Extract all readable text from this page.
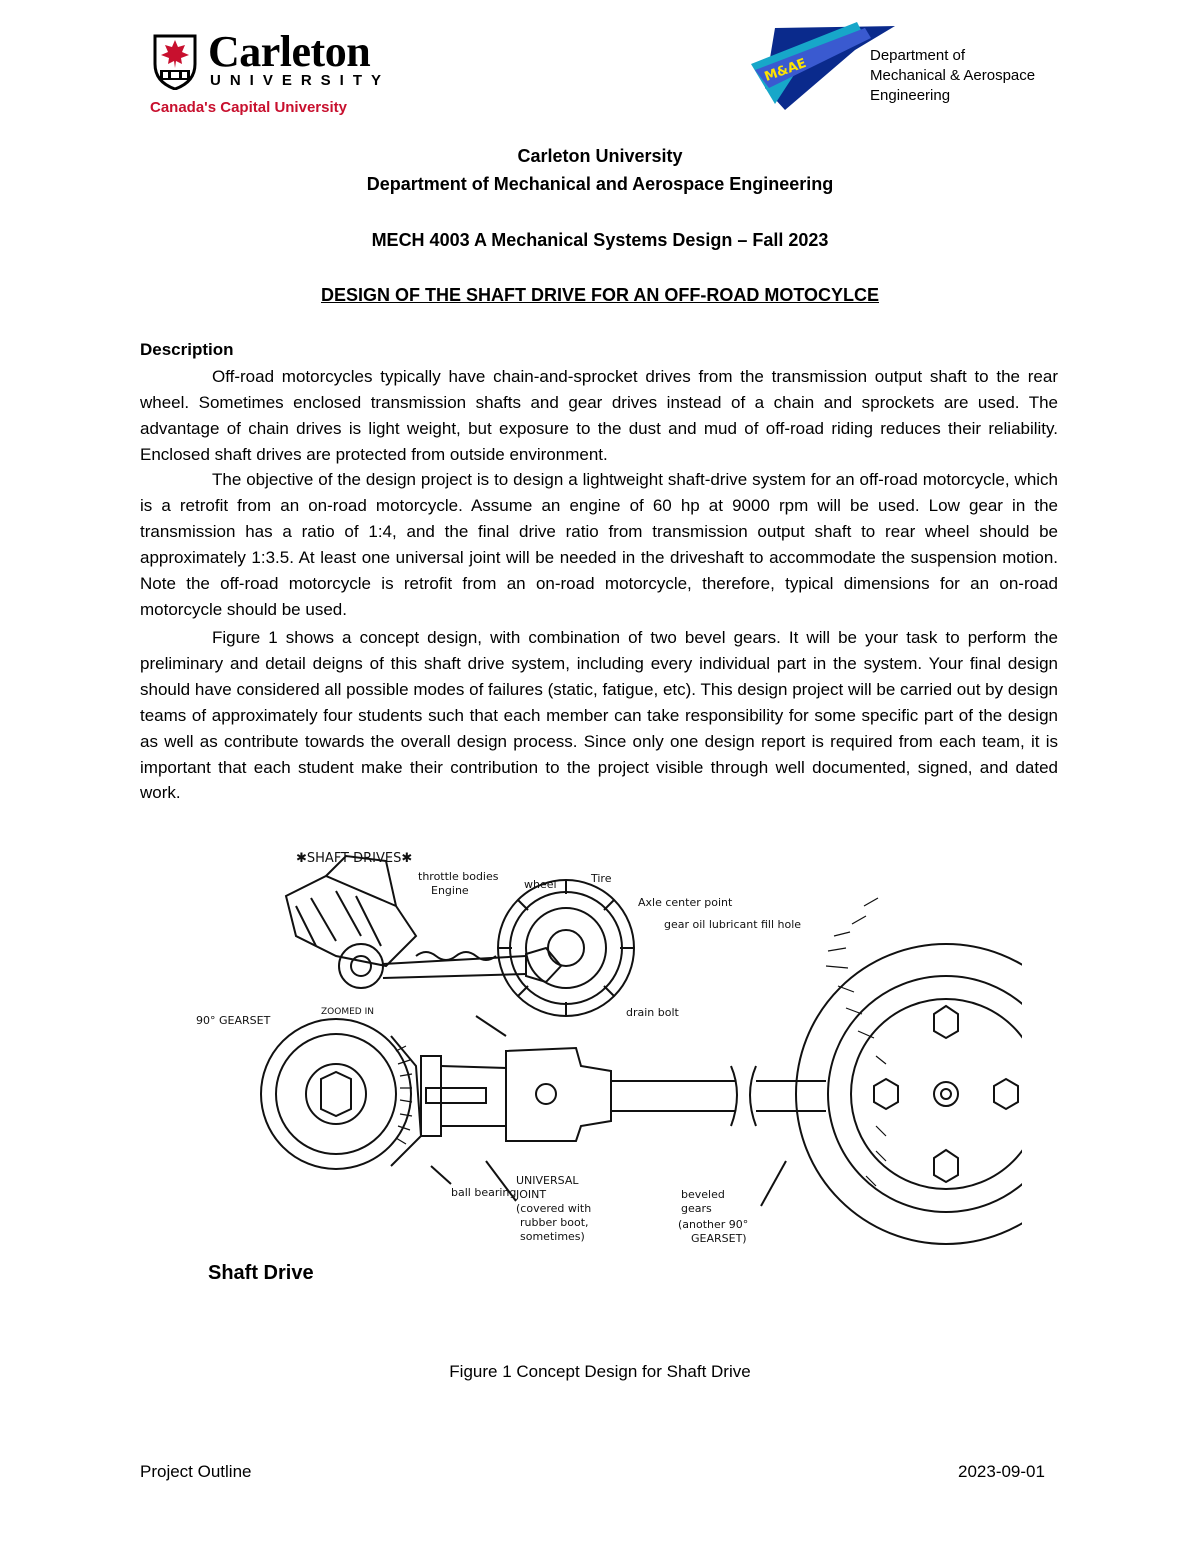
Carleton
UNIVERSITY
Canada's Capital University
M&AE
Department of
Mechanical & Aerospace
Engineering
Carleton University
Department of Mechanical and Aerospace Engineering
MECH 4003 A Mechanical Systems Design – Fall 2023
DESIGN OF THE SHAFT DRIVE FOR AN OFF-ROAD MOTOCYLCE
Description
Off-road motorcycles typically have chain-and-sprocket drives from the transmission output shaft to the rear wheel. Sometimes enclosed transmission shafts and gear drives instead of a chain and sprockets are used. The advantage of chain drives is light weight, but exposure to the dust and mud of off-road riding reduces their reliability. Enclosed shaft drives are protected from outside environment.
The objective of the design project is to design a lightweight shaft-drive system for an off-road motorcycle, which is a retrofit from an on-road motorcycle. Assume an engine of 60 hp at 9000 rpm will be used. Low gear in the transmission has a ratio of 1:4, and the final drive ratio from transmission output shaft to rear wheel should be approximately 1:3.5. At least one universal joint will be needed in the driveshaft to accommodate the suspension motion. Note the off-road motorcycle is retrofit from an on-road motorcycle, therefore, typical dimensions for an on-road motorcycle should be used.
Figure 1 shows a concept design, with combination of two bevel gears. It will be your task to perform the preliminary and detail deigns of this shaft drive system, including every individual part in the system. Your final design should have considered all possible modes of failures (static, fatigue, etc). This design project will be carried out by design teams of approximately four students such that each member can take responsibility for some specific part of the design as well as contribute towards the overall design process. Since only one design report is required from each team, it is important that each student make their contribution to the project visible through well documented, signed, and dated work.
✱SHAFT DRIVES✱
throttle bodies
Engine	wheel	Tire
Axle center point
gear oil lubricant fill hole
drain bolt
90° GEARSET
ZOOMED IN
ball bearing
UNIVERSAL
JOINT
(covered with
rubber boot,
sometimes)
beveled
gears
(another 90°
GEARSET)
Shaft Drive
Figure 1 Concept Design for Shaft Drive
Project Outline	2023-09-01
